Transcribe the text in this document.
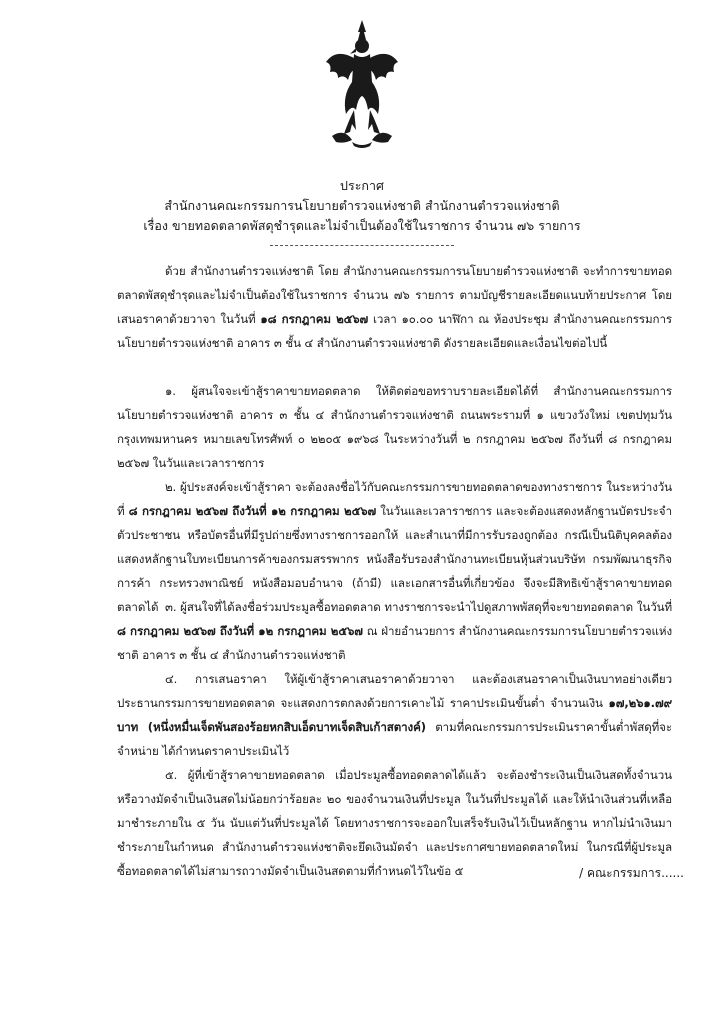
ประกาศ
สำนักงานคณะกรรมการนโยบายตำรวจแห่งชาติ สำนักงานตำรวจแห่งชาติ
เรื่อง ขายทอดตลาดพัสดุชำรุดและไม่จำเป็นต้องใช้ในราชการ จำนวน ๗๖ รายการ

ด้วย สำนักงานตำรวจแห่งชาติ โดย สำนักงานคณะกรรมการนโยบายตำรวจแห่งชาติ จะทำการขายทอดตลาดพัสดุชำรุดและไม่จำเป็นต้องใช้ในราชการ จำนวน ๗๖ รายการ ตามบัญชีรายละเอียดแนบท้ายประกาศ โดยเสนอราคาด้วยวาจา ในวันที่ ๑๘ กรกฎาคม ๒๕๖๗ เวลา ๑๐.๐๐ นาฬิกา ณ ห้องประชุม สำนักงานคณะกรรมการนโยบายตำรวจแห่งชาติ อาคาร ๓ ชั้น ๔ สำนักงานตำรวจแห่งชาติ ดังรายละเอียดและเงื่อนไขต่อไปนี้

๑. ผู้สนใจจะเข้าสู้ราคาขายทอดตลาด ให้ติดต่อขอทราบรายละเอียดได้ที่ สำนักงานคณะกรรมการนโยบายตำรวจแห่งชาติ อาคาร ๓ ชั้น ๔ สำนักงานตำรวจแห่งชาติ ถนนพระรามที่ ๑ แขวงวังใหม่ เขตปทุมวัน กรุงเทพมหานคร หมายเลขโทรศัพท์ ๐ ๒๒๐๕ ๑๙๖๘ ในระหว่างวันที่ ๒ กรกฎาคม ๒๕๖๗ ถึงวันที่ ๘ กรกฎาคม ๒๕๖๗ ในวันและเวลาราชการ

๒. ผู้ประสงค์จะเข้าสู้ราคา จะต้องลงชื่อไว้กับคณะกรรมการขายทอดตลาดของทางราชการ ในระหว่างวันที่ ๘ กรกฎาคม ๒๕๖๗ ถึงวันที่ ๑๒ กรกฎาคม ๒๕๖๗ ในวันและเวลาราชการ และจะต้องแสดงหลักฐานบัตรประจำตัวประชาชน หรือบัตรอื่นที่มีรูปถ่ายซึ่งทางราชการออกให้ และสำเนาที่มีการรับรองถูกต้อง กรณีเป็นนิติบุคคลต้องแสดงหลักฐานใบทะเบียนการค้าของกรมสรรพากร หนังสือรับรองสำนักงานทะเบียนหุ้นส่วนบริษัท กรมพัฒนาธุรกิจการค้า กระทรวงพาณิชย์ หนังสือมอบอำนาจ (ถ้ามี) และเอกสารอื่นที่เกี่ยวข้อง จึงจะมีสิทธิเข้าสู้ราคาขายทอดตลาดได้ ๓. ผู้สนใจที่ได้ลงชื่อร่วมประมูลซื้อทอดตลาด ทางราชการจะนำไปดูสภาพพัสดุที่จะขายทอดตลาด ในวันที่ ๘ กรกฎาคม ๒๕๖๗ ถึงวันที่ ๑๒ กรกฎาคม ๒๕๖๗ ณ ฝ่ายอำนวยการ สำนักงานคณะกรรมการนโยบายตำรวจแห่งชาติ อาคาร ๓ ชั้น ๔ สำนักงานตำรวจแห่งชาติ

๔. การเสนอราคา ให้ผู้เข้าสู้ราคาเสนอราคาด้วยวาจา และต้องเสนอราคาเป็นเงินบาทอย่างเดียว ประธานกรรมการขายทอดตลาด จะแสดงการตกลงด้วยการเคาะไม้ ราคาประเมินขั้นต่ำ จำนวนเงิน ๑๗,๒๖๑.๗๙ บาท (หนึ่งหมื่นเจ็ดพันสองร้อยหกสิบเอ็ดบาทเจ็ดสิบเก้าสตางค์) ตามที่คณะกรรมการประเมินราคาขั้นต่ำพัสดุที่จะจำหน่าย ได้กำหนดราคาประเมินไว้

๕. ผู้ที่เข้าสู้ราคาขายทอดตลาด เมื่อประมูลซื้อทอดตลาดได้แล้ว จะต้องชำระเงินเป็นเงินสดทั้งจำนวน หรือวางมัดจำเป็นเงินสดไม่น้อยกว่าร้อยละ ๒๐ ของจำนวนเงินที่ประมูล ในวันที่ประมูลได้ และให้นำเงินส่วนที่เหลือมาชำระภายใน ๕ วัน นับแต่วันที่ประมูลได้ โดยทางราชการจะออกใบเสร็จรับเงินไว้เป็นหลักฐาน หากไม่นำเงินมาชำระภายในกำหนด สำนักงานตำรวจแห่งชาติจะยึดเงินมัดจำ และประกาศขายทอดตลาดใหม่ ในกรณีที่ผู้ประมูลซื้อทอดตลาดได้ไม่สามารถวางมัดจำเป็นเงินสดตามที่กำหนดไว้ในข้อ ๕	/ คณะกรรมการ......
